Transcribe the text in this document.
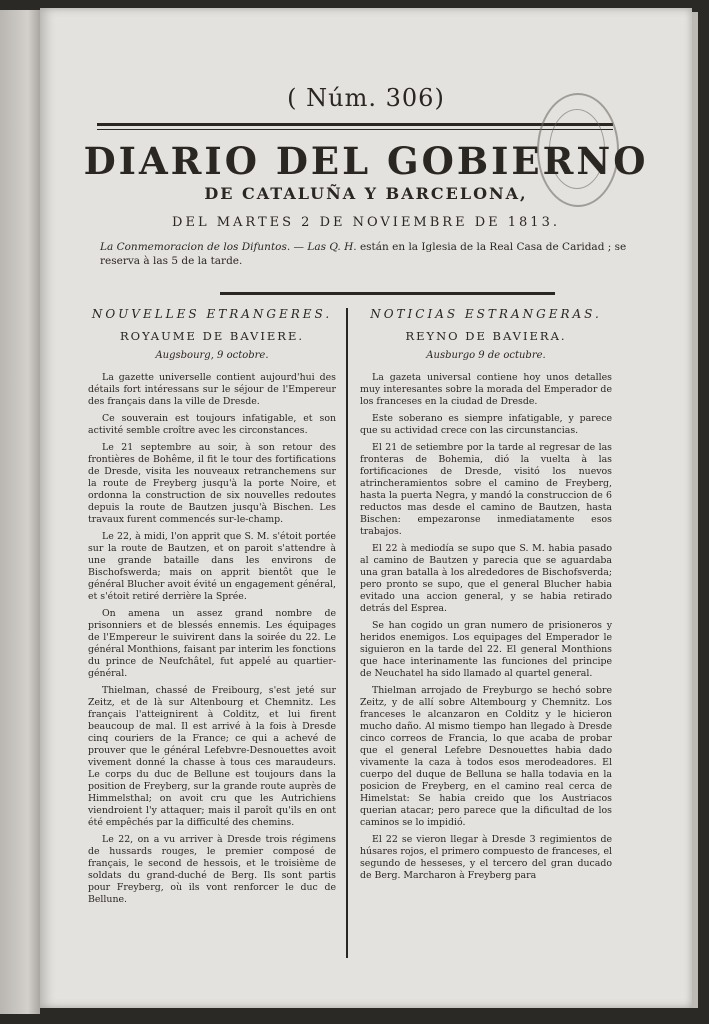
( Núm. 306)
DIARIO DEL GOBIERNO
DE CATALUÑA Y BARCELONA,
DEL MARTES 2 DE NOVIEMBRE DE 1813.
La Conmemoracion de los Difuntos. — Las Q. H. están en la Iglesia de la Real Casa de Caridad ; se reserva à las 5 de la tarde.
NOUVELLES ETRANGERES.
ROYAUME DE BAVIERE.
Augsbourg, 9 octobre.

La gazette universelle contient aujourd'hui des détails fort intéressans sur le séjour de l'Empereur des français dans la ville de Dresde.

Ce souverain est toujours infatigable, et son activité semble croître avec les circonstances.

Le 21 septembre au soir, à son retour des frontières de Bohême, il fit le tour des fortifications de Dresde, visita les nouveaux retranchemens sur la route de Freyberg jusqu'à la porte Noire, et ordonna la construction de six nouvelles redoutes depuis la route de Bautzen jusqu'à Bischen. Les travaux furent commencés sur-le-champ.

Le 22, à midi, l'on apprit que S. M. s'étoit portée sur la route de Bautzen, et on paroit s'attendre à une grande bataille dans les environs de Bischofswerda; mais on apprit bientôt que le général Blucher avoit évité un engagement général, et s'étoit retiré derrière la Sprée.

On amena un assez grand nombre de prisonniers et de blessés ennemis. Les équipages de l'Empereur le suivirent dans la soirée du 22. Le général Monthions, faisant par interim les fonctions du prince de Neufchâtel, fut appelé au quartier-général.

Thielman, chassé de Freibourg, s'est jeté sur Zeitz, et de là sur Altenbourg et Chemnitz. Les français l'atteignirent à Colditz, et lui firent beaucoup de mal. Il est arrivé à la fois à Dresde cinq couriers de la France; ce qui a achevé de prouver que le général Lefebvre-Desnouettes avoit vivement donné la chasse à tous ces maraudeurs. Le corps du duc de Bellune est toujours dans la position de Freyberg, sur la grande route auprès de Himmelsthal; on avoit cru que les Autrichiens viendroient l'y attaquer; mais il paroît qu'ils en ont été empêchés par la difficulté des chemins.

Le 22, on a vu arriver à Dresde trois régimens de hussards rouges, le premier composé de français, le second de hessois, et le troisième de soldats du grand-duché de Berg. Ils sont partis pour Freyberg, où ils vont renforcer le duc de Bellune.

NOTICIAS ESTRANGERAS.
REYNO DE BAVIERA.
Ausburgo 9 de octubre.

La gazeta universal contiene hoy unos detalles muy interesantes sobre la morada del Emperador de los franceses en la ciudad de Dresde.

Este soberano es siempre infatigable, y parece que su actividad crece con las circunstancias.

El 21 de setiembre por la tarde al regresar de las fronteras de Bohemia, dió la vuelta à las fortificaciones de Dresde, visitó los nuevos atrincheramientos sobre el camino de Freyberg, hasta la puerta Negra, y mandó la construccion de 6 reductos mas desde el camino de Bautzen, hasta Bischen: empezaronse inmediatamente esos trabajos.

El 22 à mediodía se supo que S. M. habia pasado al camino de Bautzen y parecia que se aguardaba una gran batalla à los alrededores de Bischofsverda; pero pronto se supo, que el general Blucher habia evitado una accion general, y se habia retirado detrás del Esprea.

Se han cogido un gran numero de prisioneros y heridos enemigos. Los equipages del Emperador le siguieron en la tarde del 22. El general Monthions que hace interinamente las funciones del principe de Neuchatel ha sido llamado al quartel general.

Thielman arrojado de Freyburgo se hechó sobre Zeitz, y de allí sobre Altembourg y Chemnitz. Los franceses le alcanzaron en Colditz y le hicieron mucho daño. Al mismo tiempo han llegado à Dresde cinco correos de Francia, lo que acaba de probar que el general Lefebre Desnouettes habia dado vivamente la caza à todos esos merodeadores. El cuerpo del duque de Belluna se halla todavia en la posicion de Freyberg, en el camino real cerca de Himelstat: Se habia creido que los Austriacos querian atacar; pero parece que la dificultad de los caminos se lo impidió.

El 22 se vieron llegar à Dresde 3 regimientos de húsares rojos, el primero compuesto de franceses, el segundo de hesseses, y el tercero del gran ducado de Berg. Marcharon à Freyberg para
